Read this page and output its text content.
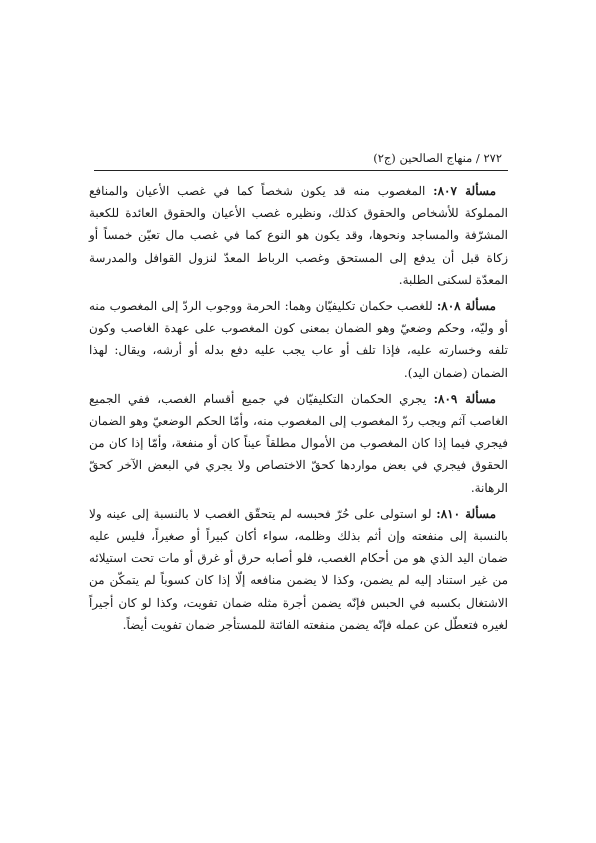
٢٧٢ / منهاج الصالحين (ج٢)

مسألة ٨٠٧: المغصوب منه قد يكون شخصاً كما في غصب الأعيان والمنافع المملوكة للأشخاص والحقوق كذلك، ونظيره غصب الأعيان والحقوق العائدة للكعبة المشرّفة والمساجد ونحوها، وقد يكون هو النوع كما في غصب مال تعيّن خمساً أو زكاة قبل أن يدفع إلى المستحق وغصب الرباط المعدّ لنزول القوافل والمدرسة المعدّة لسكنى الطلبة.

مسألة ٨٠٨: للغصب حكمان تكليفيّان وهما: الحرمة ووجوب الردّ إلى المغصوب منه أو وليّه، وحكم وضعيّ وهو الضمان بمعنى كون المغصوب على عهدة الغاصب وكون تلفه وخسارته عليه، فإذا تلف أو عاب يجب عليه دفع بدله أو أرشه، ويقال: لهذا الضمان (ضمان اليد).

مسألة ٨٠٩: يجري الحكمان التكليفيّان في جميع أقسام الغصب، ففي الجميع الغاصب آثم ويجب ردّ المغصوب إلى المغصوب منه، وأمّا الحكم الوضعيّ وهو الضمان فيجري فيما إذا كان المغصوب من الأموال مطلقاً عيناً كان أو منفعة، وأمّا إذا كان من الحقوق فيجري في بعض مواردها كحقّ الاختصاص ولا يجري في البعض الآخر كحقّ الرهانة.

مسألة ٨١٠: لو استولى على حُرّ فحبسه لم يتحقّق الغصب لا بالنسبة إلى عينه ولا بالنسبة إلى منفعته وإن أثم بذلك وظلمه، سواء أكان كبيراً أو صغيراً، فليس عليه ضمان اليد الذي هو من أحكام الغصب، فلو أصابه حرق أو غرق أو مات تحت استيلائه من غير استناد إليه لم يضمن، وكذا لا يضمن منافعه إلّا إذا كان كسوباً لم يتمكّن من الاشتغال بكسبه في الحبس فإنّه يضمن أجرة مثله ضمان تفويت، وكذا لو كان أجيراً لغيره فتعطّل عن عمله فإنّه يضمن منفعته الفائتة للمستأجر ضمان تفويت أيضاً.
